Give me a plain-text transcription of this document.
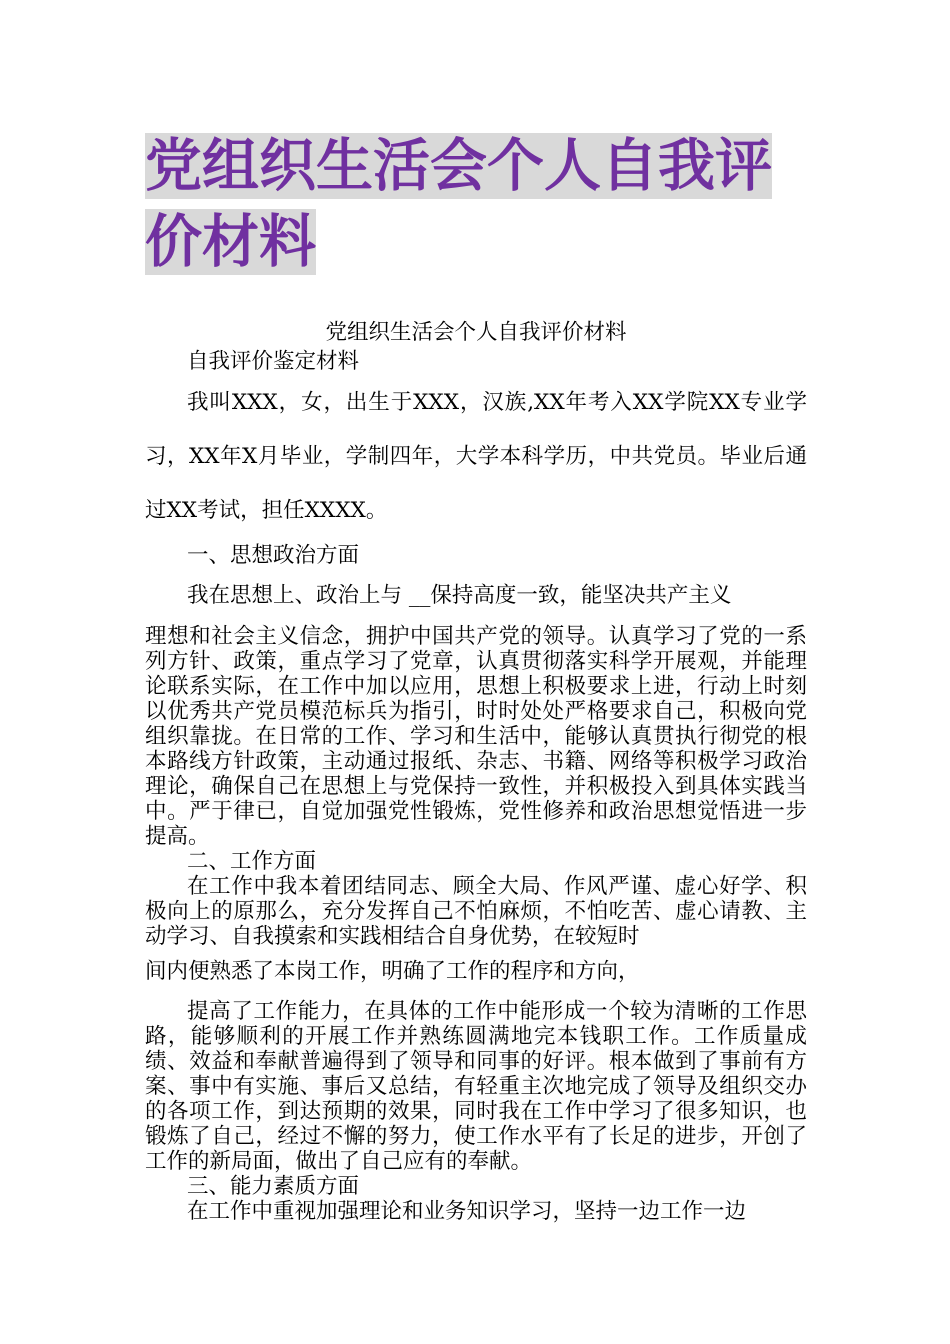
党组织生活会个人自我评价材料

党组织生活会个人自我评价材料

自我评价鉴定材料

我叫XXX，女，出生于XXX，汉族,XX年考入XX学院XX专业学习，XX年X月毕业，学制四年，大学本科学历，中共党员。毕业后通过XX考试，担任XXXX。

一、思想政治方面

我在思想上、政治上与 __保持高度一致，能坚决共产主义

理想和社会主义信念，拥护中国共产党的领导。认真学习了党的一系列方针、政策，重点学习了党章，认真贯彻落实科学开展观，并能理论联系实际，在工作中加以应用，思想上积极要求上进，行动上时刻以优秀共产党员模范标兵为指引，时时处处严格要求自己，积极向党组织靠拢。在日常的工作、学习和生活中，能够认真贯执行彻党的根本路线方针政策，主动通过报纸、杂志、书籍、网络等积极学习政治理论，确保自己在思想上与党保持一致性，并积极投入到具体实践当中。严于律已，自觉加强党性锻炼，党性修养和政治思想觉悟进一步提高。

二、工作方面

在工作中我本着团结同志、顾全大局、作风严谨、虚心好学、积极向上的原那么，充分发挥自己不怕麻烦，不怕吃苦、虚心请教、主动学习、自我摸索和实践相结合自身优势，在较短时

间内便熟悉了本岗工作，明确了工作的程序和方向，

提高了工作能力，在具体的工作中能形成一个较为清晰的工作思路，能够顺利的开展工作并熟练圆满地完本钱职工作。工作质量成绩、效益和奉献普遍得到了领导和同事的好评。根本做到了事前有方案、事中有实施、事后又总结，有轻重主次地完成了领导及组织交办的各项工作，到达预期的效果，同时我在工作中学习了很多知识，也锻炼了自己，经过不懈的努力，使工作水平有了长足的进步，开创了工作的新局面，做出了自己应有的奉献。

三、能力素质方面

在工作中重视加强理论和业务知识学习，坚持一边工作一边
